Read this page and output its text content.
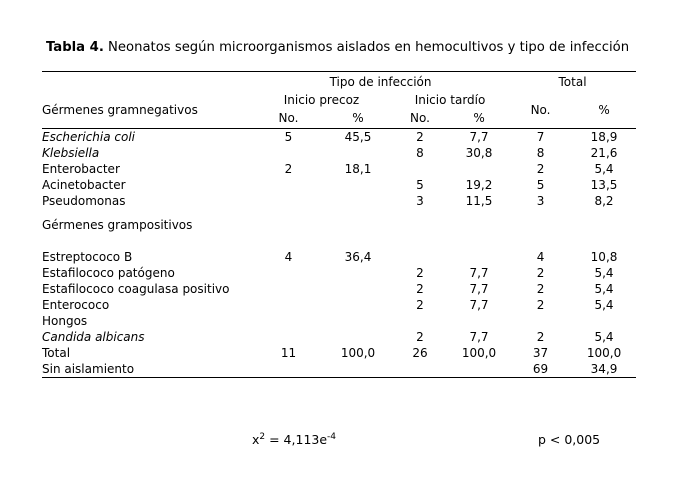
Tabla 4. Neonatos según microorganismos aislados en hemocultivos y tipo de infección
	Tipo de infección				Total	
Gérmenes gramnegativos	Inicio precoz		Inicio tardío		No.	%
	No.	%	No.	%		
Escherichia coli	5	45,5	2	7,7	7	18,9
Klebsiella			8	30,8	8	21,6
Enterobacter	2	18,1			2	5,4
Acinetobacter			5	19,2	5	13,5
Pseudomonas			3	11,5	3	8,2

Gérmenes grampositivos						

Estreptococo B	4	36,4			4	10,8
Estafilococo patógeno			2	7,7	2	5,4
Estafilococo coagulasa positivo			2	7,7	2	5,4
Enterococo			2	7,7	2	5,4
Hongos						
Candida albicans			2	7,7	2	5,4
Total	11	100,0	26	100,0	37	100,0
Sin aislamiento					69	34,9
$x^2 = 4,113e^{-4}$	p < 0,005
